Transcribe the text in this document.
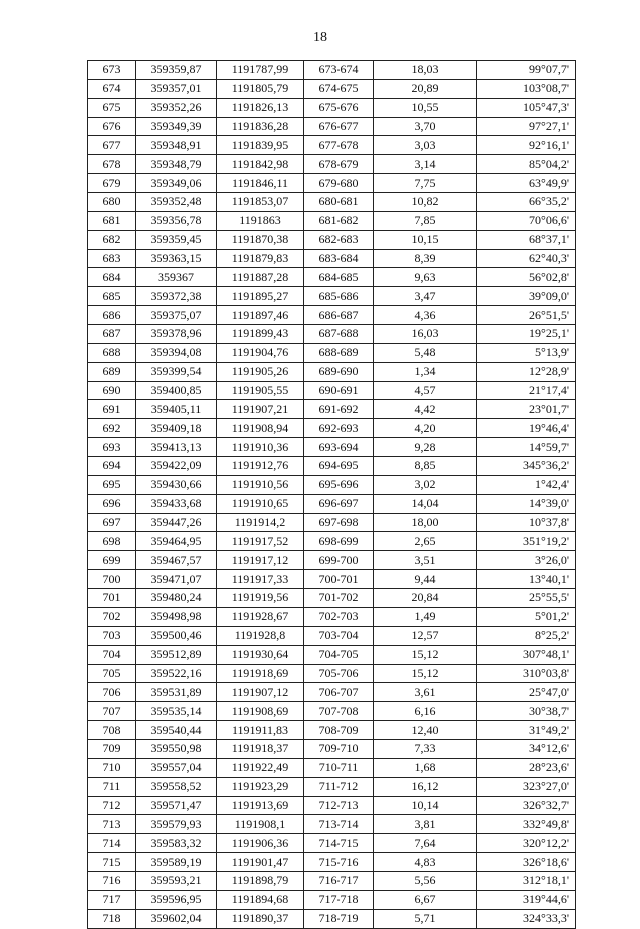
18
673	359359,87	1191787,99	673-674	18,03	99°07,7'
674	359357,01	1191805,79	674-675	20,89	103°08,7'
675	359352,26	1191826,13	675-676	10,55	105°47,3'
676	359349,39	1191836,28	676-677	3,70	97°27,1'
677	359348,91	1191839,95	677-678	3,03	92°16,1'
678	359348,79	1191842,98	678-679	3,14	85°04,2'
679	359349,06	1191846,11	679-680	7,75	63°49,9'
680	359352,48	1191853,07	680-681	10,82	66°35,2'
681	359356,78	1191863	681-682	7,85	70°06,6'
682	359359,45	1191870,38	682-683	10,15	68°37,1'
683	359363,15	1191879,83	683-684	8,39	62°40,3'
684	359367	1191887,28	684-685	9,63	56°02,8'
685	359372,38	1191895,27	685-686	3,47	39°09,0'
686	359375,07	1191897,46	686-687	4,36	26°51,5'
687	359378,96	1191899,43	687-688	16,03	19°25,1'
688	359394,08	1191904,76	688-689	5,48	5°13,9'
689	359399,54	1191905,26	689-690	1,34	12°28,9'
690	359400,85	1191905,55	690-691	4,57	21°17,4'
691	359405,11	1191907,21	691-692	4,42	23°01,7'
692	359409,18	1191908,94	692-693	4,20	19°46,4'
693	359413,13	1191910,36	693-694	9,28	14°59,7'
694	359422,09	1191912,76	694-695	8,85	345°36,2'
695	359430,66	1191910,56	695-696	3,02	1°42,4'
696	359433,68	1191910,65	696-697	14,04	14°39,0'
697	359447,26	1191914,2	697-698	18,00	10°37,8'
698	359464,95	1191917,52	698-699	2,65	351°19,2'
699	359467,57	1191917,12	699-700	3,51	3°26,0'
700	359471,07	1191917,33	700-701	9,44	13°40,1'
701	359480,24	1191919,56	701-702	20,84	25°55,5'
702	359498,98	1191928,67	702-703	1,49	5°01,2'
703	359500,46	1191928,8	703-704	12,57	8°25,2'
704	359512,89	1191930,64	704-705	15,12	307°48,1'
705	359522,16	1191918,69	705-706	15,12	310°03,8'
706	359531,89	1191907,12	706-707	3,61	25°47,0'
707	359535,14	1191908,69	707-708	6,16	30°38,7'
708	359540,44	1191911,83	708-709	12,40	31°49,2'
709	359550,98	1191918,37	709-710	7,33	34°12,6'
710	359557,04	1191922,49	710-711	1,68	28°23,6'
711	359558,52	1191923,29	711-712	16,12	323°27,0'
712	359571,47	1191913,69	712-713	10,14	326°32,7'
713	359579,93	1191908,1	713-714	3,81	332°49,8'
714	359583,32	1191906,36	714-715	7,64	320°12,2'
715	359589,19	1191901,47	715-716	4,83	326°18,6'
716	359593,21	1191898,79	716-717	5,56	312°18,1'
717	359596,95	1191894,68	717-718	6,67	319°44,6'
718	359602,04	1191890,37	718-719	5,71	324°33,3'
